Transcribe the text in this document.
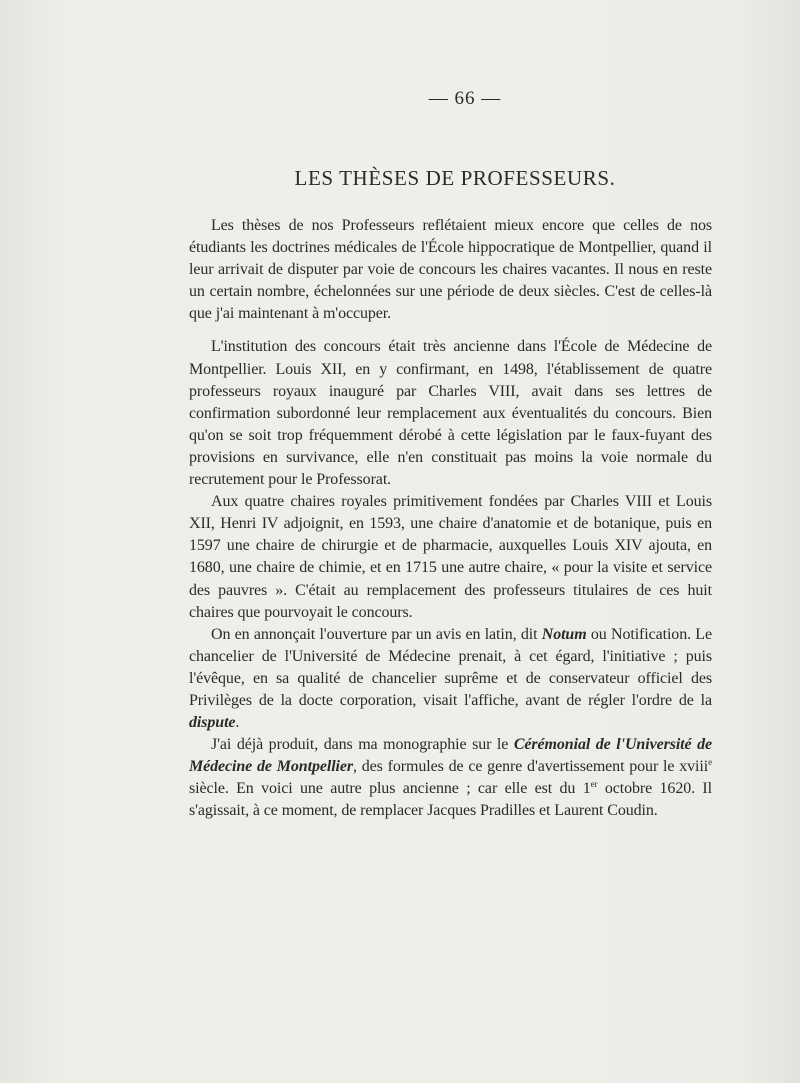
— 66 —
LES THÈSES DE PROFESSEURS.

Les thèses de nos Professeurs reflétaient mieux encore que celles de nos étudiants les doctrines médicales de l'École hippocratique de Montpellier, quand il leur arrivait de disputer par voie de concours les chaires vacantes. Il nous en reste un certain nombre, échelonnées sur une période de deux siècles. C'est de celles-là que j'ai maintenant à m'occuper.

L'institution des concours était très ancienne dans l'École de Médecine de Montpellier. Louis XII, en y confirmant, en 1498, l'établissement de quatre professeurs royaux inauguré par Charles VIII, avait dans ses lettres de confirmation subordonné leur remplacement aux éventualités du concours. Bien qu'on se soit trop fréquemment dérobé à cette législation par le faux-fuyant des provisions en survivance, elle n'en constituait pas moins la voie normale du recrutement pour le Professorat.

Aux quatre chaires royales primitivement fondées par Charles VIII et Louis XII, Henri IV adjoignit, en 1593, une chaire d'anatomie et de botanique, puis en 1597 une chaire de chirurgie et de pharmacie, auxquelles Louis XIV ajouta, en 1680, une chaire de chimie, et en 1715 une autre chaire, « pour la visite et service des pauvres ». C'était au remplacement des professeurs titulaires de ces huit chaires que pourvoyait le concours.

On en annonçait l'ouverture par un avis en latin, dit Notum ou Notification. Le chancelier de l'Université de Médecine prenait, à cet égard, l'initiative ; puis l'évêque, en sa qualité de chancelier suprême et de conservateur officiel des Privilèges de la docte corporation, visait l'affiche, avant de régler l'ordre de la dispute.

J'ai déjà produit, dans ma monographie sur le Cérémonial de l'Université de Médecine de Montpellier, des formules de ce genre d'avertissement pour le xviii$^e$ siècle. En voici une autre plus ancienne ; car elle est du 1er octobre 1620. Il s'agissait, à ce moment, de remplacer Jacques Pradilles et Laurent Coudin.
